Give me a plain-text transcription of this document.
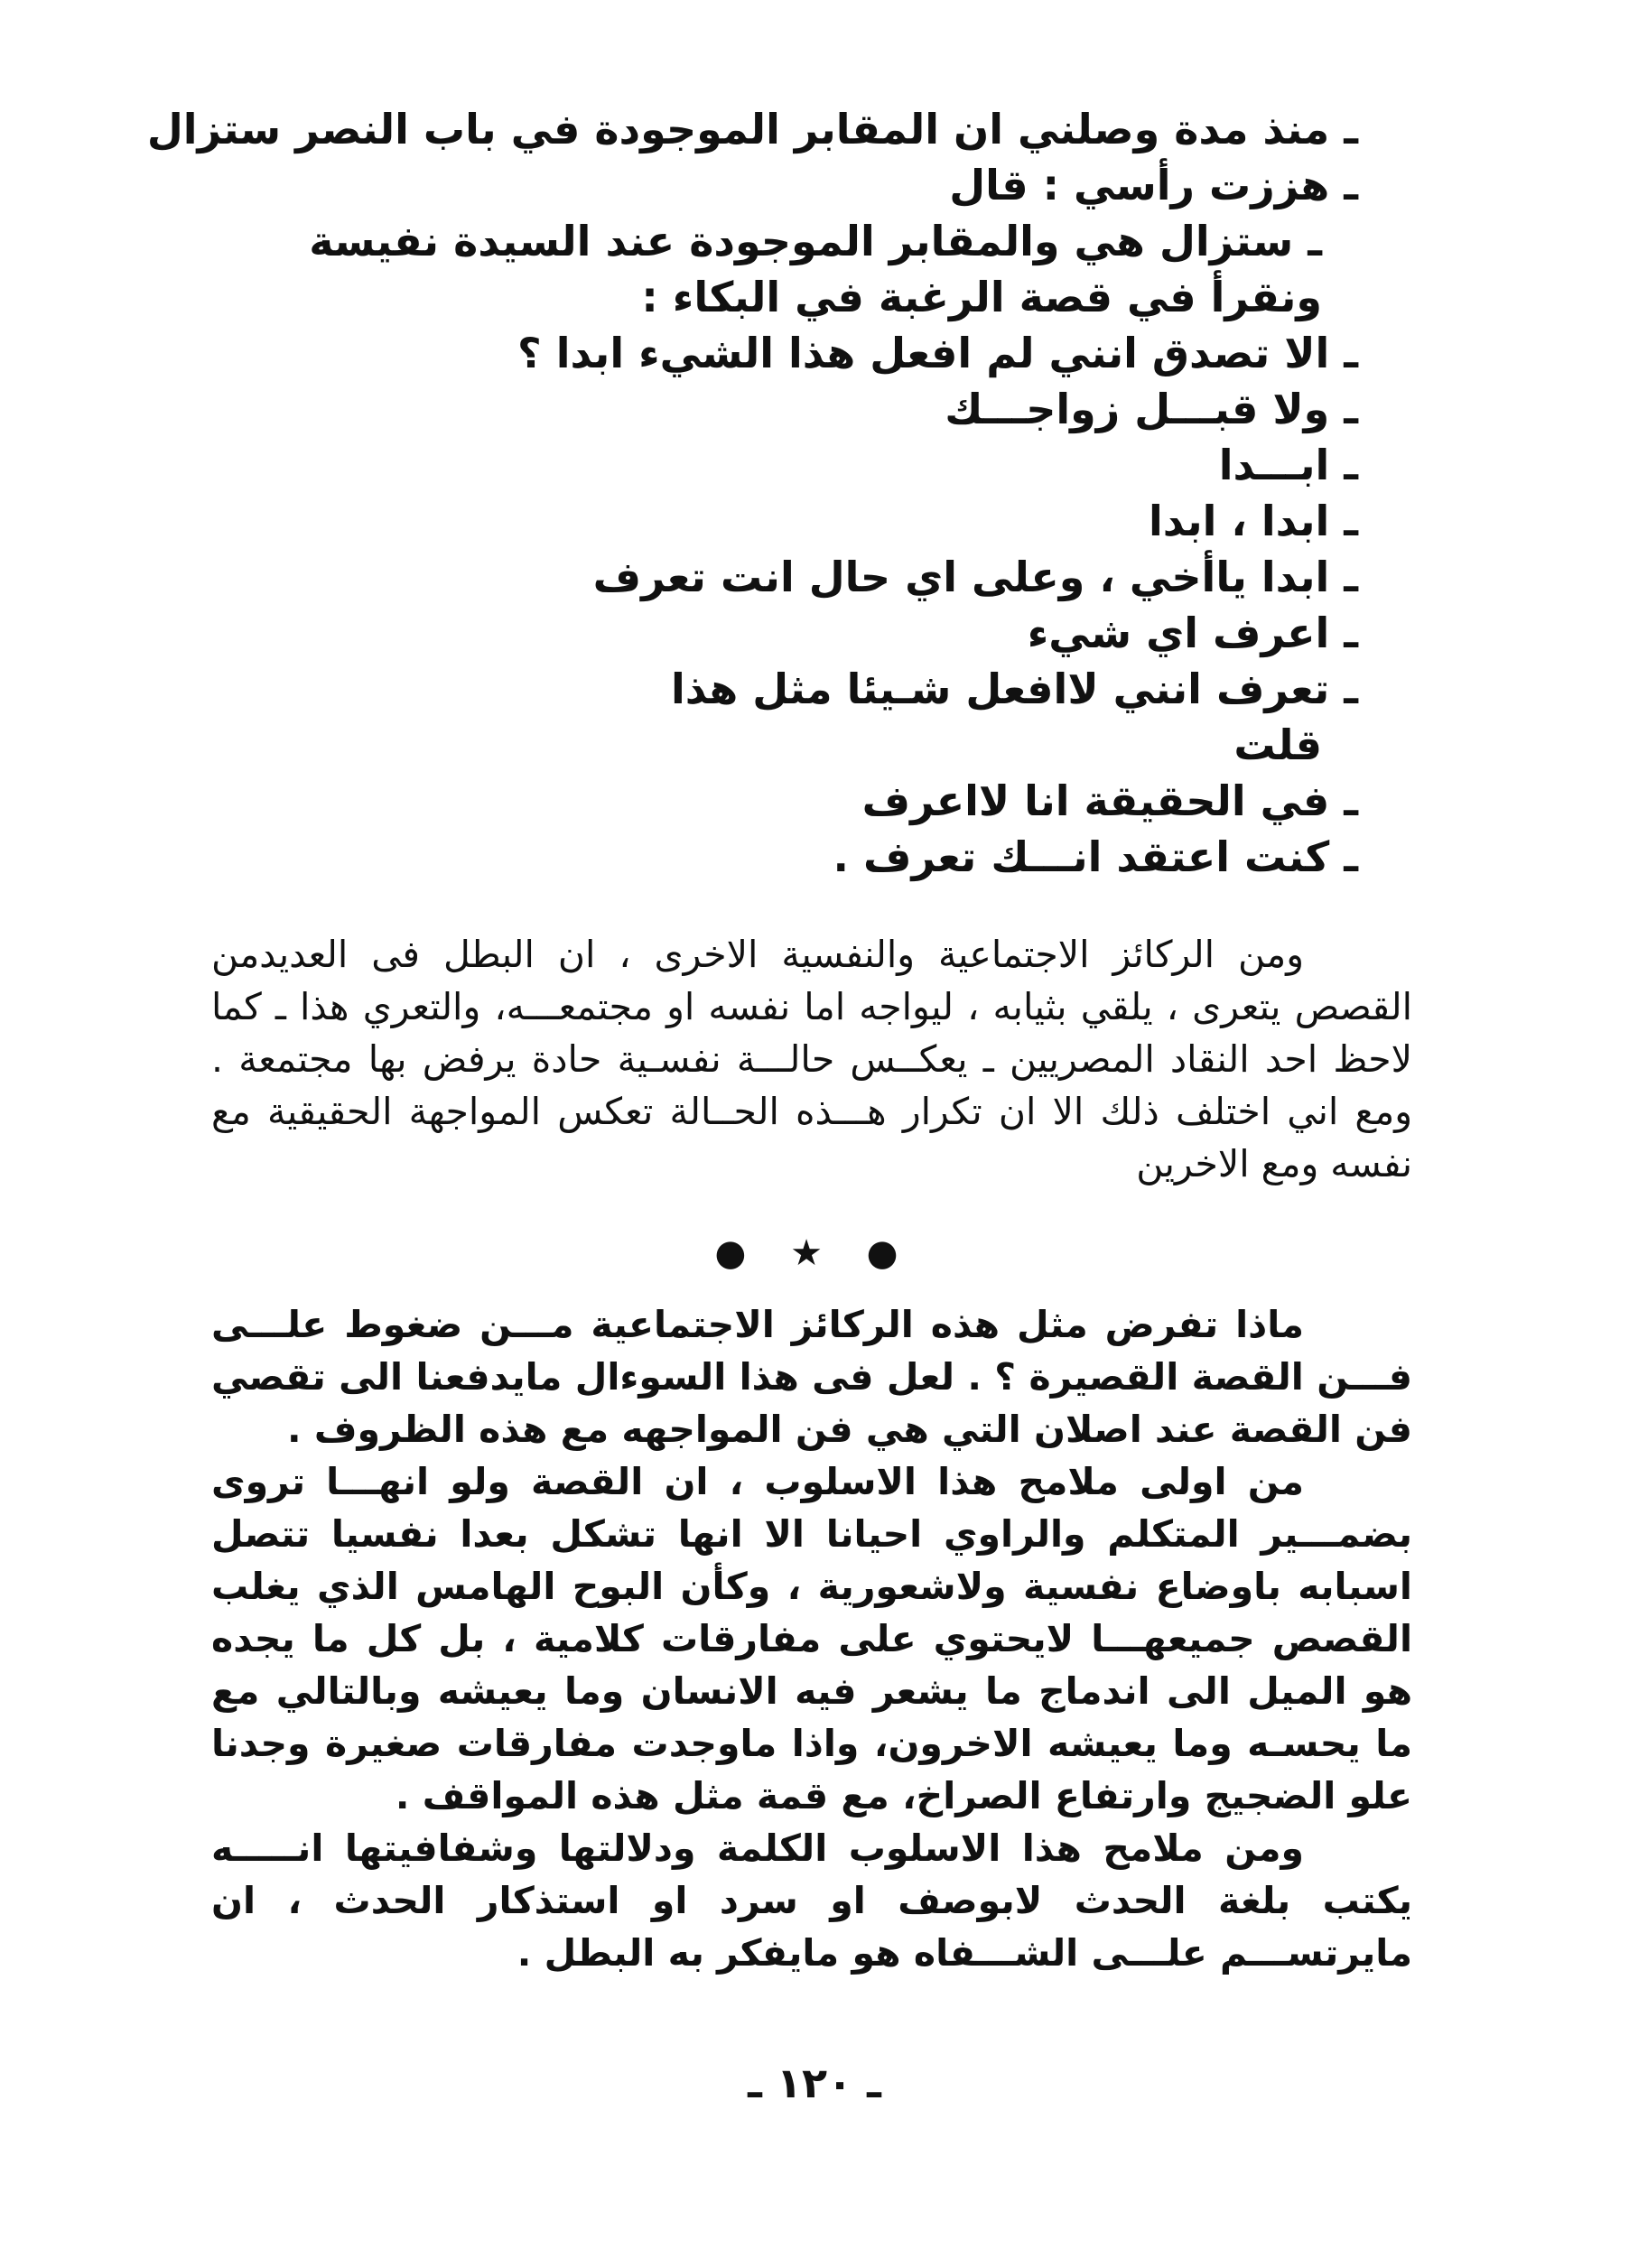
ـ منذ مدة وصلني ان المقابر الموجودة في باب النصر ستزال
ـ هززت رأسي : قال
ـ ستزال هي والمقابر الموجودة عند السيدة نفيسة
ونقرأ في قصة الرغبة في البكاء :
ـ الا تصدق انني لم افعل هذا الشيء ابدا ؟
ـ ولا قبـــل زواجـــك
ـ ابـــدا
ـ ابدا ، ابدا
ـ ابدا ياأخي ، وعلى اي حال انت تعرف
ـ اعرف اي شيء
ـ تعرف انني لاافعل شـيئا مثل هذا
قلت
ـ في الحقيقة انا لااعرف
ـ كنت اعتقد انـــك تعرف .

ومن الركائز الاجتماعية والنفسية الاخرى ، ان البطل فى العديدمن القصص يتعرى ، يلقي بثيابه ، ليواجه اما نفسه او مجتمعـــه، والتعري هذا ـ كما لاحظ احد النقاد المصريين ـ يعكــس حالـــة نفسـية حادة يرفض بها مجتمعة . ومع اني اختلف ذلك الا ان تكرار هـــذه الحــالة تعكس المواجهة الحقيقية مع نفسه ومع الاخرين

● ★ ●

ماذا تفرض مثل هذه الركائز الاجتماعية مـــن ضغوط علـــى فـــن القصة القصيرة ؟ . لعل فى هذا السوءال مايدفعنا الى تقصي فن القصة عند اصلان التي هي فن المواجهه مع هذه الظروف .

من اولى ملامح هذا الاسلوب ، ان القصة ولو انهـــا تروى بضمـــير المتكلم والراوي احيانا الا انها تشكل بعدا نفسيا تتصل اسبابه باوضاع نفسية ولاشعورية ، وكأن البوح الهامس الذي يغلب القصص جميعهـــا لايحتوي على مفارقات كلامية ، بل كل ما يجده هو الميل الى اندماج ما يشعر فيه الانسان وما يعيشه وبالتالي مع ما يحسـه وما يعيشه الاخرون، واذا ماوجدت مفارقات صغيرة وجدنا علو الضجيج وارتفاع الصراخ، مع قمة مثل هذه المواقف .

ومن ملامح هذا الاسلوب الكلمة ودلالتها وشفافيتها انـــــه يكتب بلغة الحدث لابوصف او سرد او استذكار الحدث ، ان مايرتســـم علـــى الشـــفاه هو مايفكر به البطل .

ـ ١٢٠ ـ
